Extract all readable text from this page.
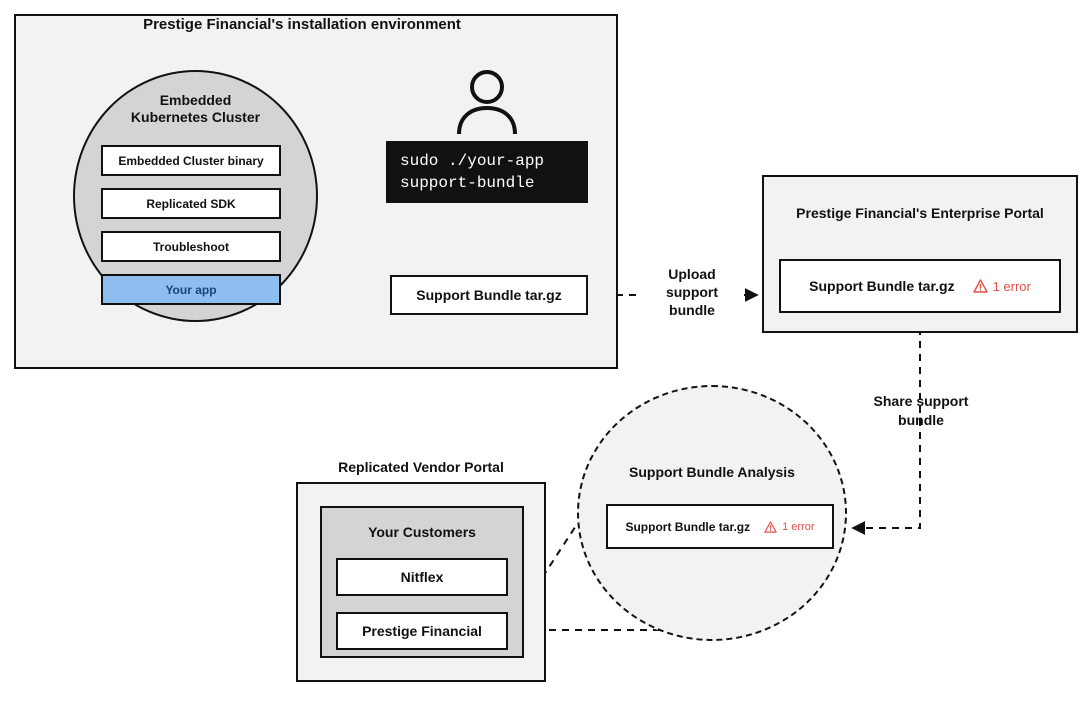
Prestige Financial's installation environment
Embedded
Kubernetes Cluster
Embedded Cluster binary
Replicated SDK
Troubleshoot
Your app
sudo ./your-app
support-bundle
Support Bundle tar.gz
Upload
support
bundle
Prestige Financial's Enterprise Portal
Support Bundle tar.gz	1 error
Share support
bundle
Support Bundle Analysis
Support Bundle tar.gz	1 error
Replicated Vendor Portal
Your Customers
Nitflex
Prestige Financial
